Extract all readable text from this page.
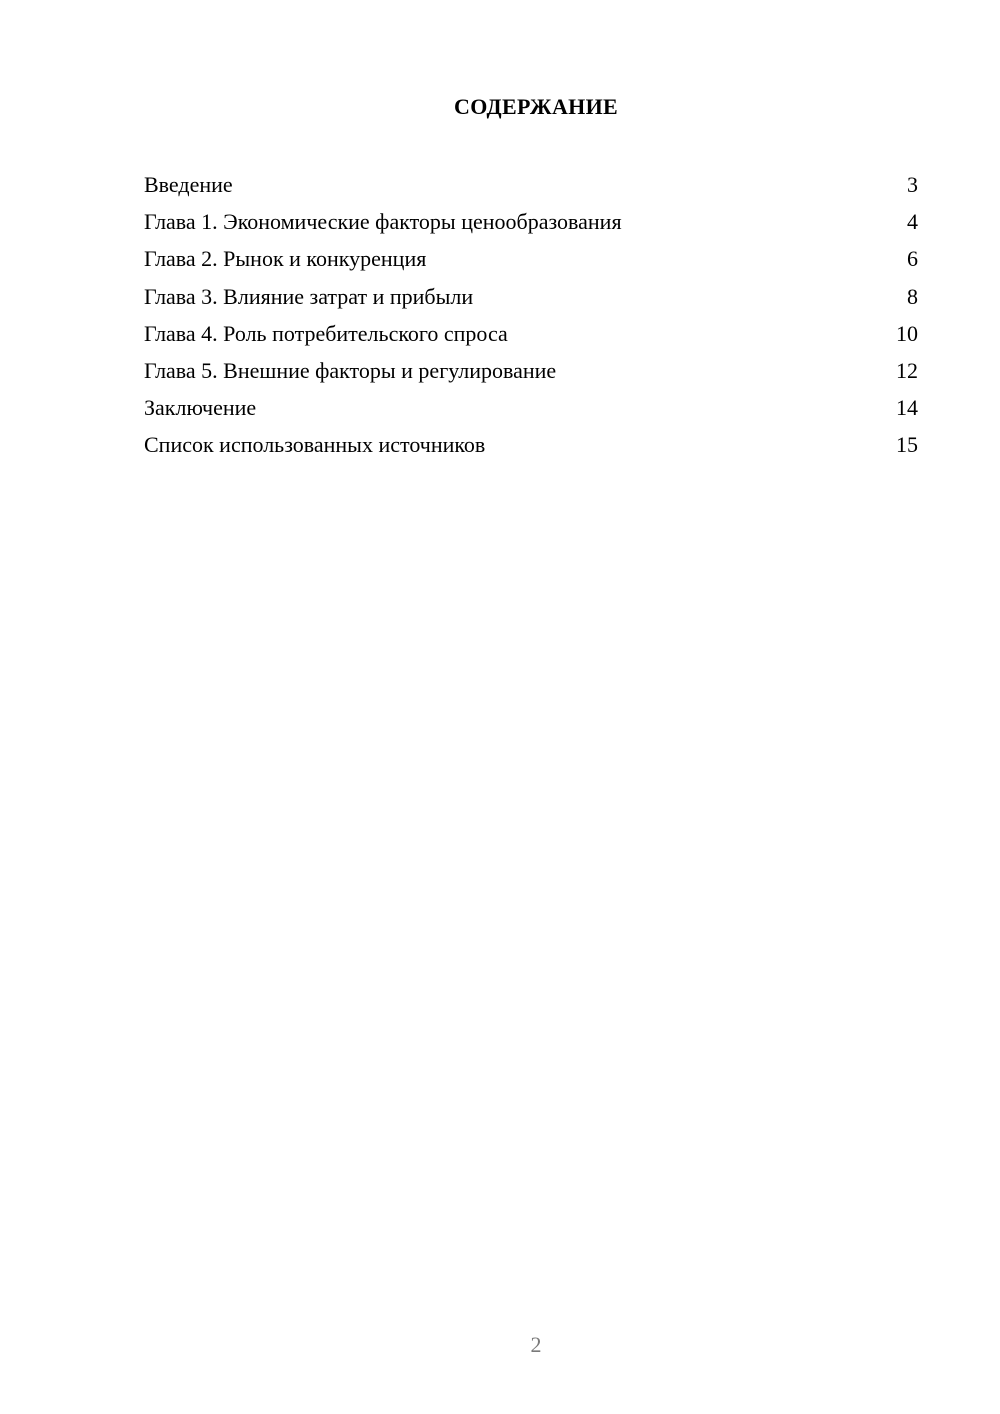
СОДЕРЖАНИЕ
Введение	3
Глава 1. Экономические факторы ценообразования	4
Глава 2. Рынок и конкуренция	6
Глава 3. Влияние затрат и прибыли	8
Глава 4. Роль потребительского спроса	10
Глава 5. Внешние факторы и регулирование	12
Заключение	14
Список использованных источников	15
2
